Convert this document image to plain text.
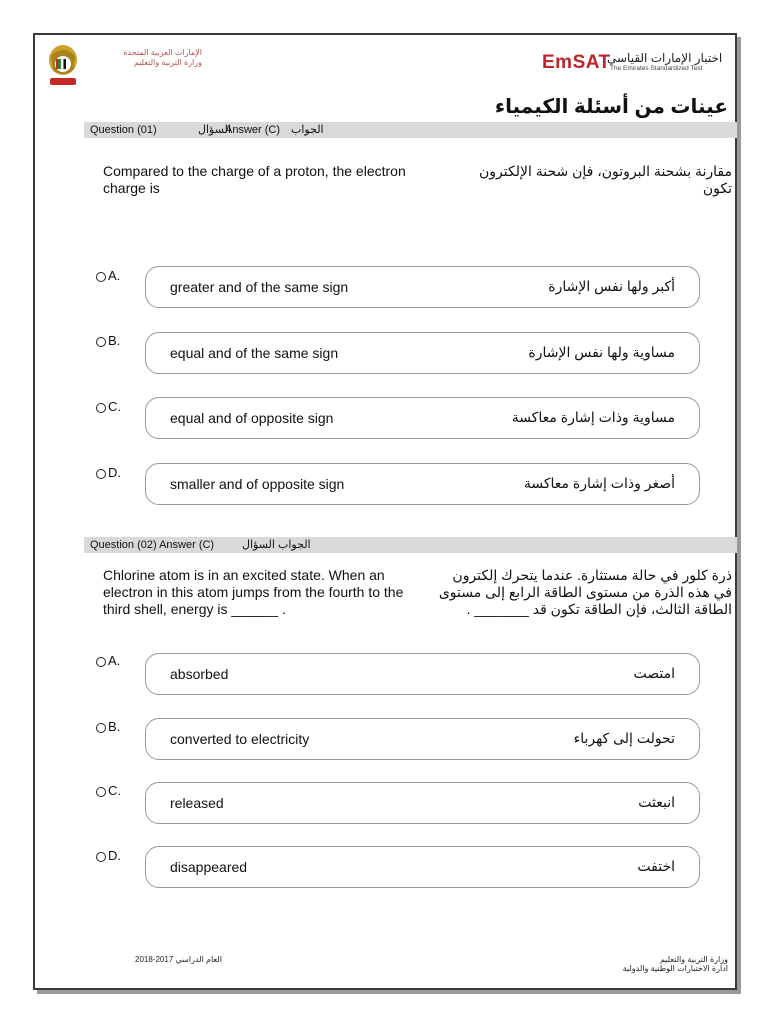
الإمارات العربية المتحدة
وزارة التربية والتعليم	EmSAT
اختبار الإمارات القياسي
The Emirates Standardized Test
عينات من أسئلة الكيمياء
Question (01)	السؤال
Answer (C) الجواب
Compared to the charge of a proton, the electron
charge is
مقارنة بشحنة البروتون، فإن شحنة الإلكترون
تكون
A.
greater and of the same sign	أكبر ولها نفس الإشارة
B.
equal and of the same sign	مساوية ولها نفس الإشارة
C.
equal and of opposite sign	مساوية وذات إشارة معاكسة
D.
smaller and of opposite sign	أصغر وذات إشارة معاكسة
Question (02) Answer (C)	الجواب السؤال
Chlorine atom is in an excited state. When an
electron in this atom jumps from the fourth to the
third shell, energy is ______ .
ذرة كلور في حالة مستثارة. عندما يتحرك إلكترون
في هذه الذرة من مستوى الطاقة الرابع إلى مستوى
الطاقة الثالث، فإن الطاقة تكون قد _______ .
A.
absorbed	امتصت
B.
converted to electricity	تحولت إلى كهرباء
C.
released	انبعثت
D.
disappeared	اختفت
العام الدراسي 2017-2018	وزارة التربية والتعليم
ادارة الاختبارات الوطنية والدولية
